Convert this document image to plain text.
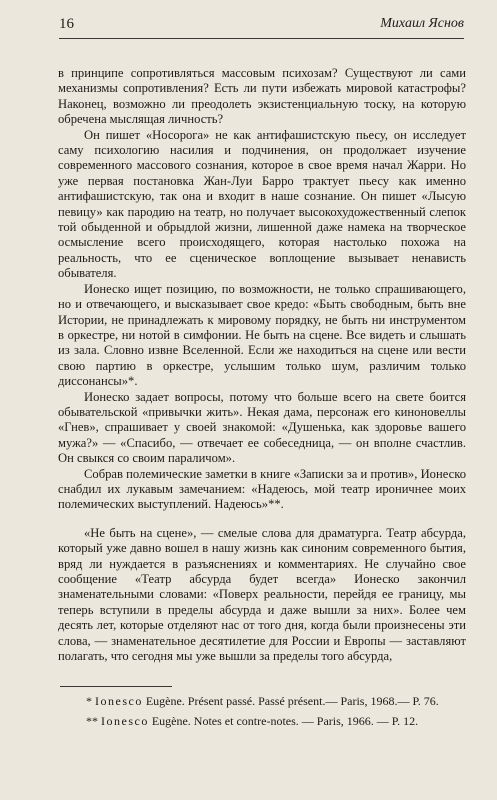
16	Михаил Яснов

в принципе сопротивляться массовым психозам? Существуют ли сами механизмы сопротивления? Есть ли пути избежать мировой катастрофы? Наконец, возможно ли преодолеть экзистенциальную тоску, на которую обречена мыслящая личность?

Он пишет «Носорога» не как антифашистскую пьесу, он исследует саму психологию насилия и подчинения, он продолжает изучение современного массового сознания, которое в свое время начал Жарри. Но уже первая постановка Жан-Луи Барро трактует пьесу как именно антифашистскую, так она и входит в наше сознание. Он пишет «Лысую певицу» как пародию на театр, но получает высокохудожественный слепок той обыденной и обрыдлой жизни, лишенной даже намека на творческое осмысление всего происходящего, которая настолько похожа на реальность, что ее сценическое воплощение вызывает ненависть обывателя.

Ионеско ищет позицию, по возможности, не только спрашивающего, но и отвечающего, и высказывает свое кредо: «Быть свободным, быть вне Истории, не принадлежать к мировому порядку, не быть ни инструментом в оркестре, ни нотой в симфонии. Не быть на сцене. Все видеть и слышать из зала. Словно извне Вселенной. Если же находиться на сцене или вести свою партию в оркестре, услышим только шум, различим только диссонансы»*.

Ионеско задает вопросы, потому что больше всего на свете боится обывательской «привычки жить». Некая дама, персонаж его киноновеллы «Гнев», спрашивает у своей знакомой: «Душенька, как здоровье вашего мужа?» — «Спасибо, — отвечает ее собеседница, — он вполне счастлив. Он свыкся со своим параличом».

Собрав полемические заметки в книге «Записки за и против», Ионеско снабдил их лукавым замечанием: «Надеюсь, мой театр ироничнее моих полемических выступлений. Надеюсь»**.

«Не быть на сцене», — смелые слова для драматурга. Театр абсурда, который уже давно вошел в нашу жизнь как синоним современного бытия, вряд ли нуждается в разъяснениях и комментариях. Не случайно свое сообщение «Театр абсурда будет всегда» Ионеско закончил знаменательными словами: «Поверх реальности, перейдя ее границу, мы теперь вступили в пределы абсурда и даже вышли за них». Более чем десять лет, которые отделяют нас от того дня, когда были произнесены эти слова, — знаменательное десятилетие для России и Европы — заставляют полагать, что сегодня мы уже вышли за пределы того абсурда,

* Ionesco Eugène. Présent passé. Passé présent.— Paris, 1968.— P. 76.

** Ionesco Eugène. Notes et contre-notes. — Paris, 1966. — P. 12.
